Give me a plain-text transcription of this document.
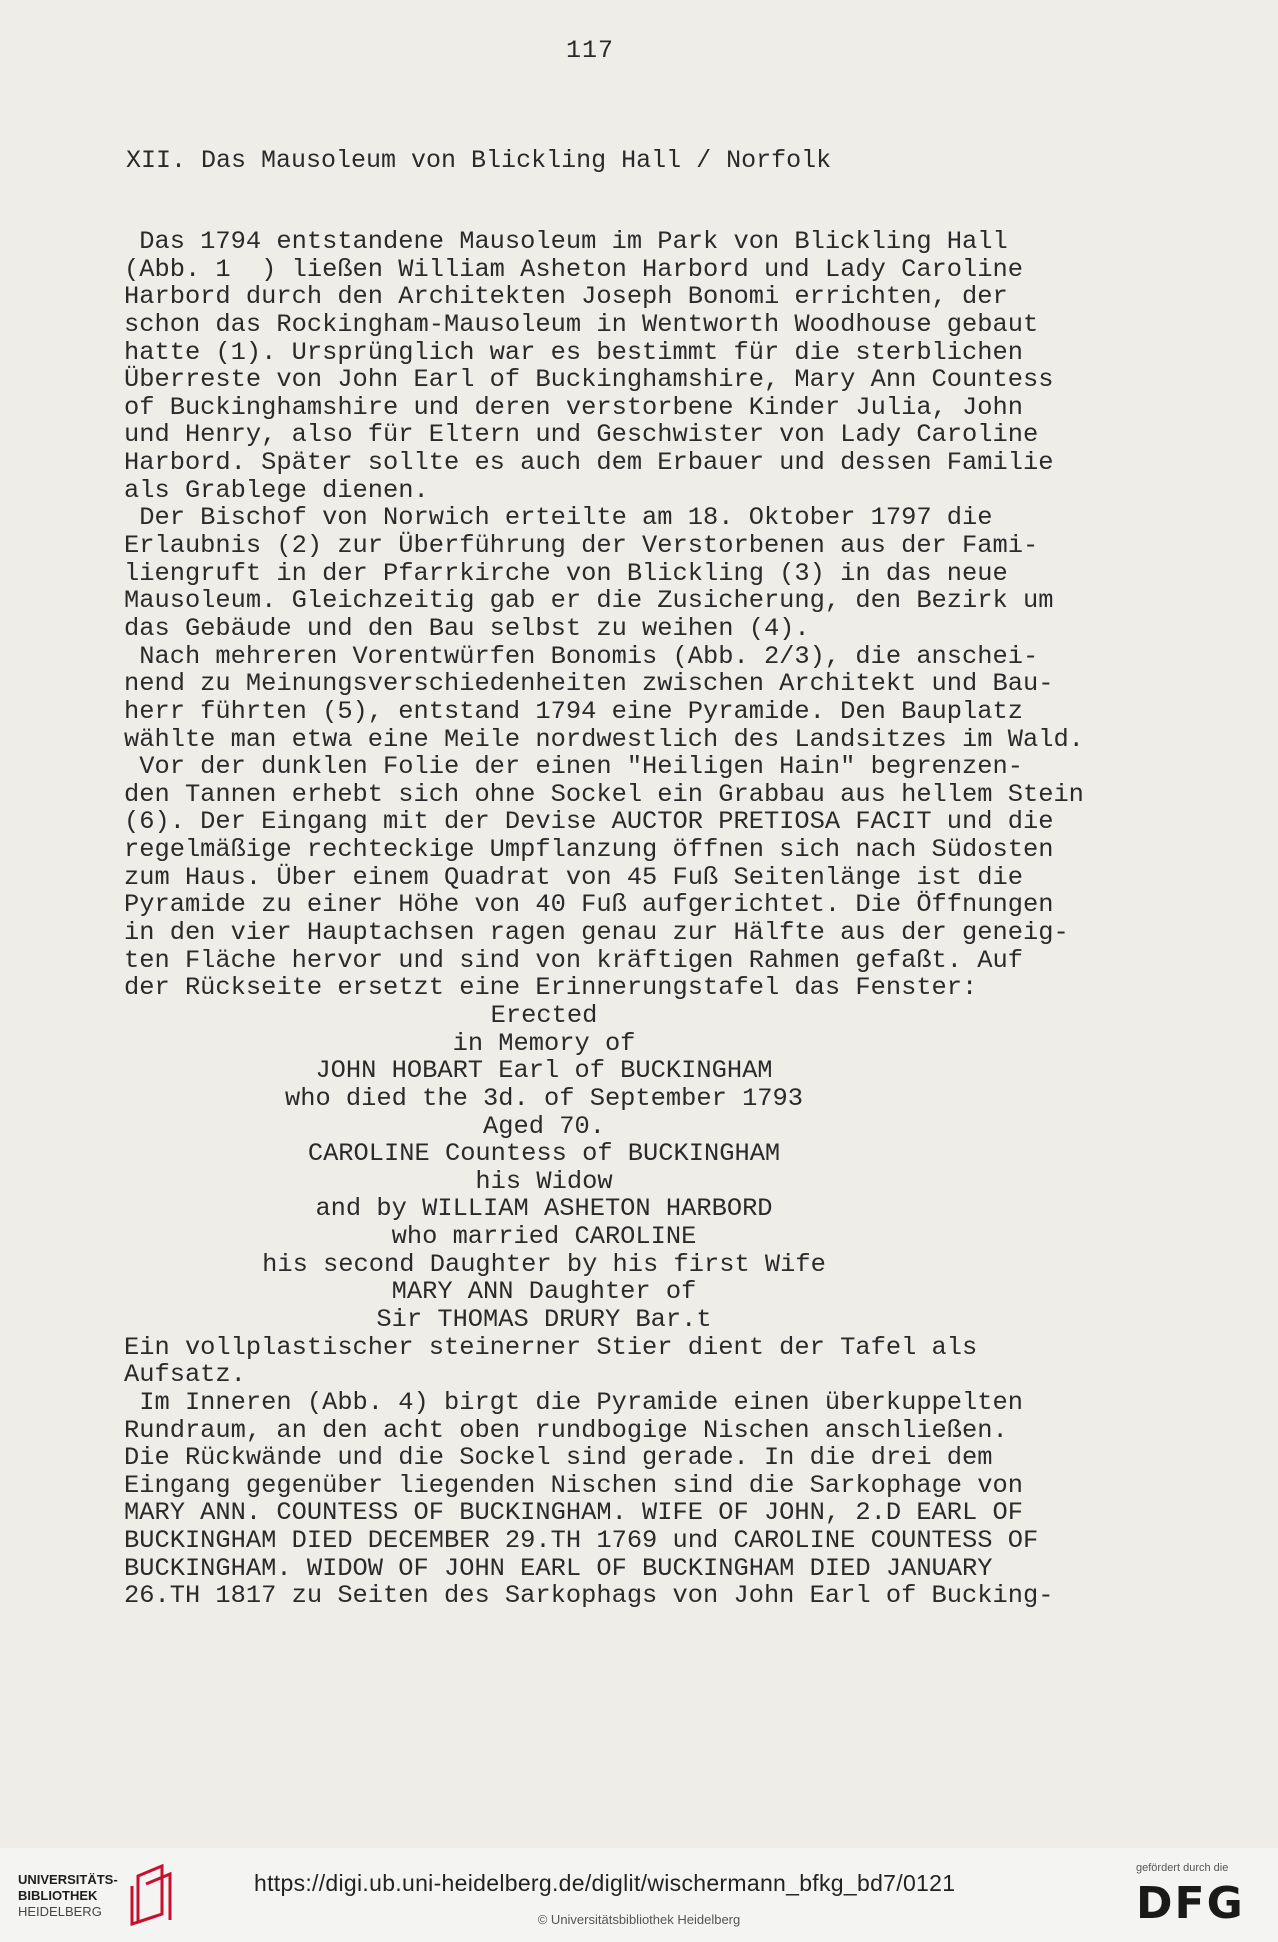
117
XII. Das Mausoleum von Blickling Hall / Norfolk
Das 1794 entstandene Mausoleum im Park von Blickling Hall
(Abb. 1  ) ließen William Asheton Harbord und Lady Caroline
Harbord durch den Architekten Joseph Bonomi errichten, der
schon das Rockingham-Mausoleum in Wentworth Woodhouse gebaut
hatte (1). Ursprünglich war es bestimmt für die sterblichen
Überreste von John Earl of Buckinghamshire, Mary Ann Countess
of Buckinghamshire und deren verstorbene Kinder Julia, John
und Henry, also für Eltern und Geschwister von Lady Caroline
Harbord. Später sollte es auch dem Erbauer und dessen Familie
als Grablege dienen.
Der Bischof von Norwich erteilte am 18. Oktober 1797 die
Erlaubnis (2) zur Überführung der Verstorbenen aus der Fami-
liengruft in der Pfarrkirche von Blickling (3) in das neue
Mausoleum. Gleichzeitig gab er die Zusicherung, den Bezirk um
das Gebäude und den Bau selbst zu weihen (4).
Nach mehreren Vorentwürfen Bonomis (Abb. 2/3), die anschei-
nend zu Meinungsverschiedenheiten zwischen Architekt und Bau-
herr führten (5), entstand 1794 eine Pyramide. Den Bauplatz
wählte man etwa eine Meile nordwestlich des Landsitzes im Wald.
Vor der dunklen Folie der einen "Heiligen Hain" begrenzen-
den Tannen erhebt sich ohne Sockel ein Grabbau aus hellem Stein
(6). Der Eingang mit der Devise AUCTOR PRETIOSA FACIT und die
regelmäßige rechteckige Umpflanzung öffnen sich nach Südosten
zum Haus. Über einem Quadrat von 45 Fuß Seitenlänge ist die
Pyramide zu einer Höhe von 40 Fuß aufgerichtet. Die Öffnungen
in den vier Hauptachsen ragen genau zur Hälfte aus der geneig-
ten Fläche hervor und sind von kräftigen Rahmen gefaßt. Auf
der Rückseite ersetzt eine Erinnerungstafel das Fenster:
Erected
in Memory of
JOHN HOBART Earl of BUCKINGHAM
who died the 3d. of September 1793
Aged 70.
CAROLINE Countess of BUCKINGHAM
his Widow
and by WILLIAM ASHETON HARBORD
who married CAROLINE
his second Daughter by his first Wife
MARY ANN Daughter of
Sir THOMAS DRURY Bar.t
Ein vollplastischer steinerner Stier dient der Tafel als
Aufsatz.
Im Inneren (Abb. 4) birgt die Pyramide einen überkuppelten
Rundraum, an den acht oben rundbogige Nischen anschließen.
Die Rückwände und die Sockel sind gerade. In die drei dem
Eingang gegenüber liegenden Nischen sind die Sarkophage von
MARY ANN. COUNTESS OF BUCKINGHAM. WIFE OF JOHN, 2.D EARL OF
BUCKINGHAM DIED DECEMBER 29.TH 1769 und CAROLINE COUNTESS OF
BUCKINGHAM. WIDOW OF JOHN EARL OF BUCKINGHAM DIED JANUARY
26.TH 1817 zu Seiten des Sarkophags von John Earl of Bucking-
UNIVERSITÄTS-
BIBLIOTHEK
HEIDELBERG
https://digi.ub.uni-heidelberg.de/diglit/wischermann_bfkg_bd7/0121
© Universitätsbibliothek Heidelberg
gefördert durch die
DFG
